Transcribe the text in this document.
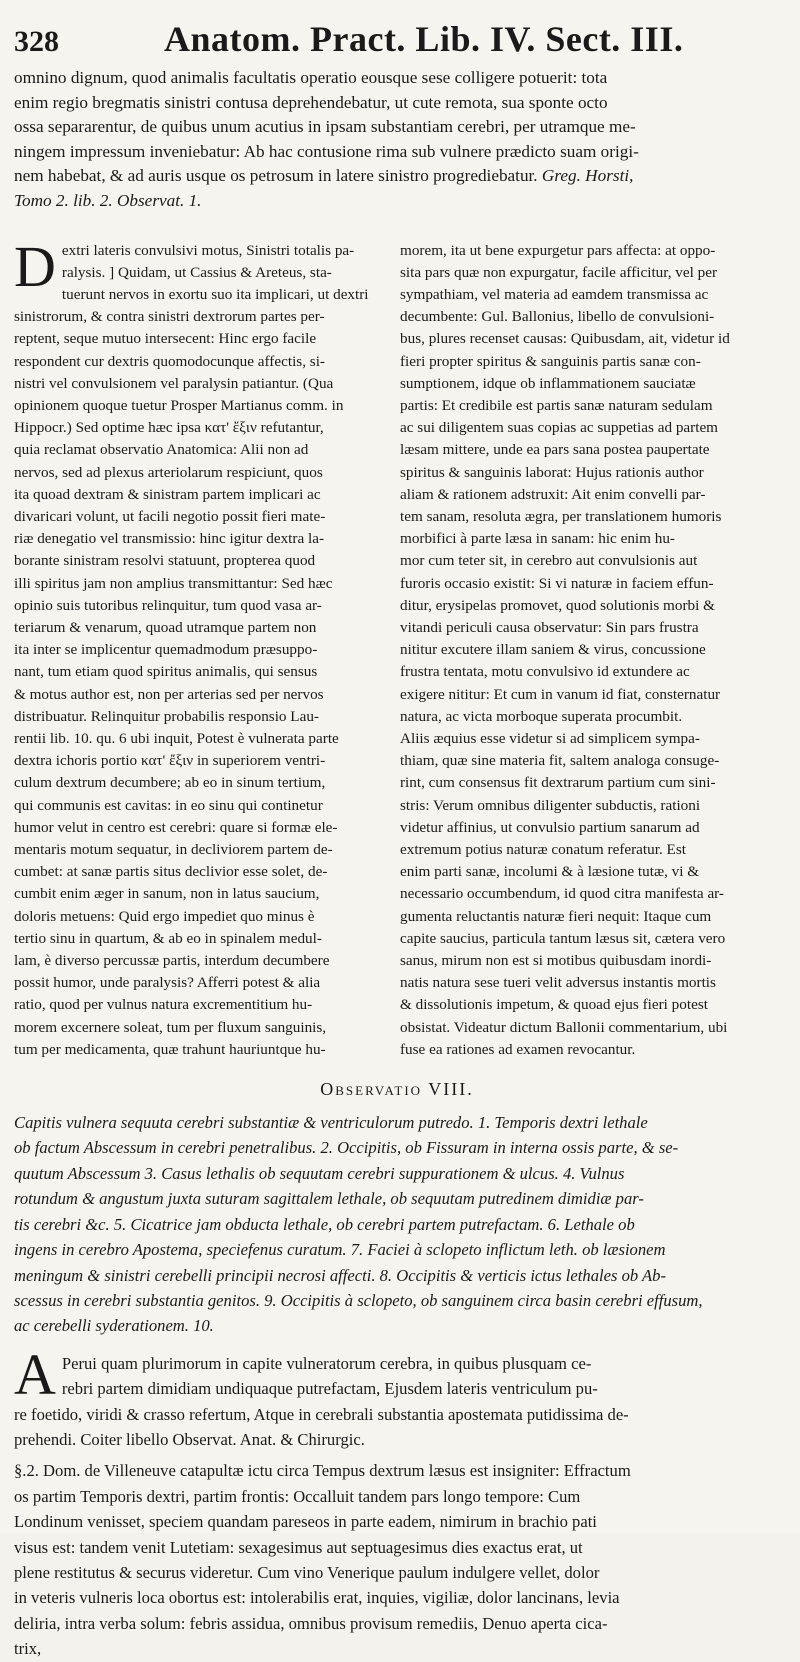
328	Anatom. Pract. Lib. IV. Sect. III.
omnino dignum, quod animalis facultatis operatio eousque sese colligere potuerit: tota
enim regio bregmatis sinistri contusa deprehendebatur, ut cute remota, sua sponte octo
ossa separarentur, de quibus unum acutius in ipsam substantiam cerebri, per utramque me-
ningem impressum inveniebatur: Ab hac contusione rima sub vulnere prædicto suam origi-
nem habebat, & ad auris usque os petrosum in latere sinistro progrediebatur. Greg. Horsti,
Tomo 2. lib. 2. Observat. 1.
D extri lateris convulsivi motus, Sinistri totalis pa-
ralysis. ] Quidam, ut Cassius & Areteus, sta-
tuerunt nervos in exortu suo ita implicari, ut dextri
sinistrorum, & contra sinistri dextrorum partes per-
reptent, seque mutuo intersecent: Hinc ergo facile
respondent cur dextris quomodocunque affectis, si-
nistri vel convulsionem vel paralysin patiantur. (Qua
opinionem quoque tuetur Prosper Martianus comm. in
Hippocr.) Sed optime hæc ipsa κατ' ἔξιν refutantur,
quia reclamat observatio Anatomica: Alii non ad
nervos, sed ad plexus arteriolarum respiciunt, quos
ita quoad dextram & sinistram partem implicari ac
divaricari volunt, ut facili negotio possit fieri mate-
riæ denegatio vel transmissio: hinc igitur dextra la-
borante sinistram resolvi statuunt, propterea quod
illi spiritus jam non amplius transmittantur: Sed hæc
opinio suis tutoribus relinquitur, tum quod vasa ar-
teriarum & venarum, quoad utramque partem non
ita inter se implicentur quemadmodum præsuppo-
nant, tum etiam quod spiritus animalis, qui sensus
& motus author est, non per arterias sed per nervos
distribuatur. Relinquitur probabilis responsio Lau-
rentii lib. 10. qu. 6 ubi inquit, Potest è vulnerata parte
dextra ichoris portio κατ' ἔξιν in superiorem ventri-
culum dextrum decumbere; ab eo in sinum tertium,
qui communis est cavitas: in eo sinu qui continetur
humor velut in centro est cerebri: quare si formæ ele-
mentaris motum sequatur, in decliviorem partem de-
cumbet: at sanæ partis situs declivior esse solet, de-
cumbit enim æger in sanum, non in latus saucium,
doloris metuens: Quid ergo impediet quo minus è
tertio sinu in quartum, & ab eo in spinalem medul-
lam, è diverso percussæ partis, interdum decumbere
possit humor, unde paralysis? Afferri potest & alia
ratio, quod per vulnus natura excrementitium hu-
morem excernere soleat, tum per fluxum sanguinis,
tum per medicamenta, quæ trahunt hauriuntque hu-
morem, ita ut bene expurgetur pars affecta: at oppo-
sita pars quæ non expurgatur, facile afficitur, vel per
sympathiam, vel materia ad eamdem transmissa ac
decumbente: Gul. Ballonius, libello de convulsioni-
bus, plures recenset causas: Quibusdam, ait, videtur id
fieri propter spiritus & sanguinis partis sanæ con-
sumptionem, idque ob inflammationem sauciatæ
partis: Et credibile est partis sanæ naturam sedulam
ac sui diligentem suas copias ac suppetias ad partem
læsam mittere, unde ea pars sana postea paupertate
spiritus & sanguinis laborat: Hujus rationis author
aliam & rationem adstruxit: Ait enim convelli par-
tem sanam, resoluta ægra, per translationem humoris
morbifici à parte læsa in sanam: hic enim hu-
mor cum teter sit, in cerebro aut convulsionis aut
furoris occasio existit: Si vi naturæ in faciem effun-
ditur, erysipelas promovet, quod solutionis morbi &
vitandi periculi causa observatur: Sin pars frustra
nititur excutere illam saniem & virus, concussione
frustra tentata, motu convulsivo id extundere ac
exigere nititur: Et cum in vanum id fiat, consternatur
natura, ac victa morboque superata procumbit.
Aliis æquius esse videtur si ad simplicem sympa-
thiam, quæ sine materia fit, saltem analoga consuge-
rint, cum consensus fit dextrarum partium cum sini-
stris: Verum omnibus diligenter subductis, rationi
videtur affinius, ut convulsio partium sanarum ad
extremum potius naturæ conatum referatur. Est
enim parti sanæ, incolumi & à læsione tutæ, vi &
necessario occumbendum, id quod citra manifesta ar-
gumenta reluctantis naturæ fieri nequit: Itaque cum
capite saucius, particula tantum læsus sit, cætera vero
sanus, mirum non est si motibus quibusdam inordi-
natis natura sese tueri velit adversus instantis mortis
& dissolutionis impetum, & quoad ejus fieri potest
obsistat. Videatur dictum Ballonii commentarium, ubi
fuse ea rationes ad examen revocantur.
Observatio VIII.
Capitis vulnera sequuta cerebri substantiæ & ventriculorum putredo. 1. Temporis dextri lethale
ob factum Abscessum in cerebri penetralibus. 2. Occipitis, ob Fissuram in interna ossis parte, & se-
quutum Abscessum 3. Casus lethalis ob sequutam cerebri suppurationem & ulcus. 4. Vulnus
rotundum & angustum juxta suturam sagittalem lethale, ob sequutam putredinem dimidiæ par-
tis cerebri &c. 5. Cicatrice jam obducta lethale, ob cerebri partem putrefactam. 6. Lethale ob
ingens in cerebro Apostema, speciefenus curatum. 7. Faciei à sclopeto inflictum leth. ob læsionem
meningum & sinistri cerebelli principii necrosi affecti. 8. Occipitis & verticis ictus lethales ob Ab-
scessus in cerebri substantia genitos. 9. Occipitis à sclopeto, ob sanguinem circa basin cerebri effusum,
ac cerebelli syderationem. 10.
A Perui quam plurimorum in capite vulneratorum cerebra, in quibus plusquam ce-
rebri partem dimidiam undiquaque putrefactam, Ejusdem lateris ventriculum pu-
re foetido, viridi & crasso refertum, Atque in cerebrali substantia apostemata putidissima de-
prehendi. Coiter libello Observat. Anat. & Chirurgic.
§.2. Dom. de Villeneuve catapultæ ictu circa Tempus dextrum læsus est insigniter: Effractum
os partim Temporis dextri, partim frontis: Occalluit tandem pars longo tempore: Cum
Londinum venisset, speciem quandam pareseos in parte eadem, nimirum in brachio pati
visus est: tandem venit Lutetiam: sexagesimus aut septuagesimus dies exactus erat, ut
plene restitutus & securus videretur. Cum vino Venerique paulum indulgere vellet, dolor
in veteris vulneris loca obortus est: intolerabilis erat, inquies, vigiliæ, dolor lancinans, levia
deliria, intra verba solum: febris assidua, omnibus provisum remediis, Denuo aperta cica-
trix,
